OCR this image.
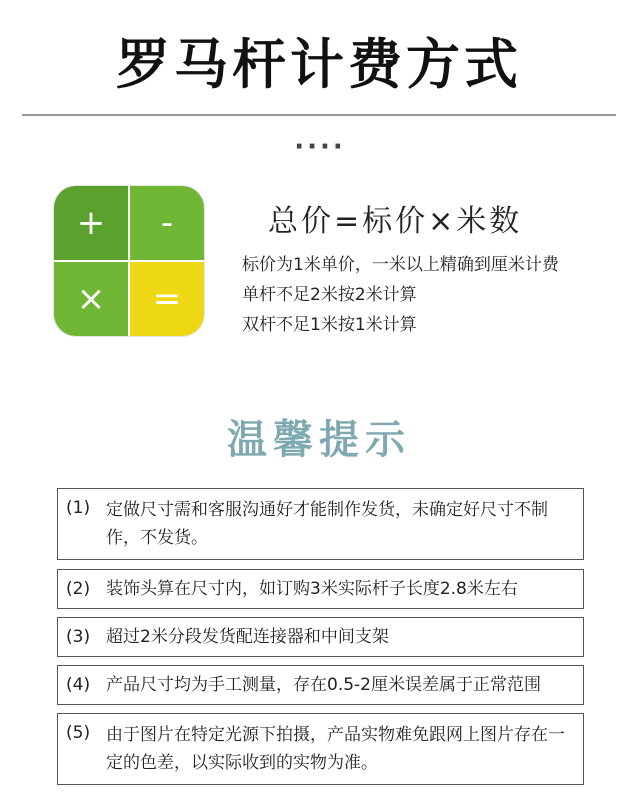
罗马杆计费方式
····
+	-
×	=
总价=标价×米数
标价为1米单价，一米以上精确到厘米计费
单杆不足2米按2米计算
双杆不足1米按1米计算
温馨提示
(1) 定做尺寸需和客服沟通好才能制作发货，未确定好尺寸不制作，不发货。
(2) 装饰头算在尺寸内，如订购3米实际杆子长度2.8米左右
(3) 超过2米分段发货配连接器和中间支架
(4) 产品尺寸均为手工测量，存在0.5-2厘米误差属于正常范围
(5) 由于图片在特定光源下拍摄，产品实物难免跟网上图片存在一定的色差，以实际收到的实物为准。
